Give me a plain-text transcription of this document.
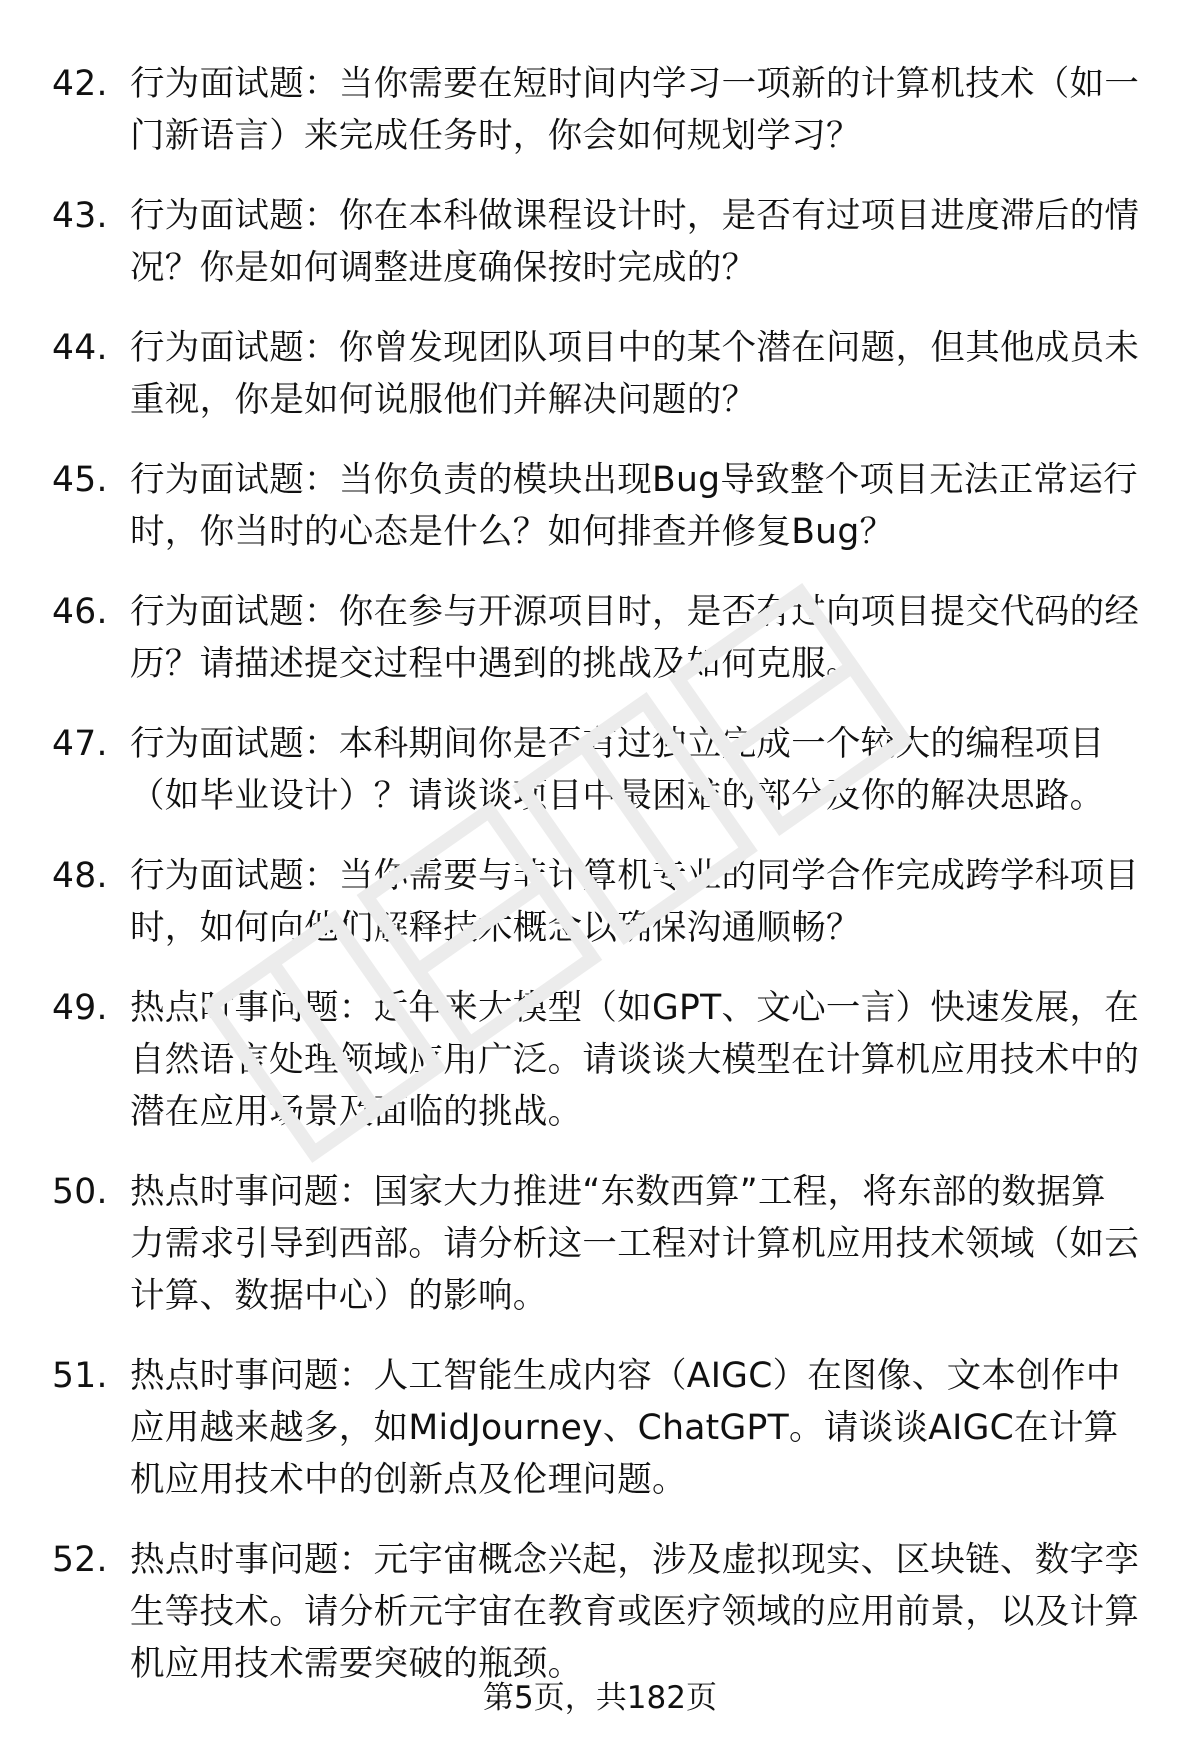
42. 行为面试题：当你需要在短时间内学习一项新的计算机技术（如一门新语言）来完成任务时，你会如何规划学习？
43. 行为面试题：你在本科做课程设计时，是否有过项目进度滞后的情况？你是如何调整进度确保按时完成的？
44. 行为面试题：你曾发现团队项目中的某个潜在问题，但其他成员未重视，你是如何说服他们并解决问题的？
45. 行为面试题：当你负责的模块出现Bug导致整个项目无法正常运行时，你当时的心态是什么？如何排查并修复Bug？
46. 行为面试题：你在参与开源项目时，是否有过向项目提交代码的经历？请描述提交过程中遇到的挑战及如何克服。
47. 行为面试题：本科期间你是否有过独立完成一个较大的编程项目（如毕业设计）？请谈谈项目中最困难的部分及你的解决思路。
48. 行为面试题：当你需要与非计算机专业的同学合作完成跨学科项目时，如何向他们解释技术概念以确保沟通顺畅？
49. 热点时事问题：近年来大模型（如GPT、文心一言）快速发展，在自然语言处理领域应用广泛。请谈谈大模型在计算机应用技术中的潜在应用场景及面临的挑战。
50. 热点时事问题：国家大力推进“东数西算”工程，将东部的数据算力需求引导到西部。请分析这一工程对计算机应用技术领域（如云计算、数据中心）的影响。
51. 热点时事问题：人工智能生成内容（AIGC）在图像、文本创作中应用越来越多，如MidJourney、ChatGPT。请谈谈AIGC在计算机应用技术中的创新点及伦理问题。
52. 热点时事问题：元宇宙概念兴起，涉及虚拟现实、区块链、数字孪生等技术。请分析元宇宙在教育或医疗领域的应用前景，以及计算机应用技术需要突破的瓶颈。
第5页，共182页
